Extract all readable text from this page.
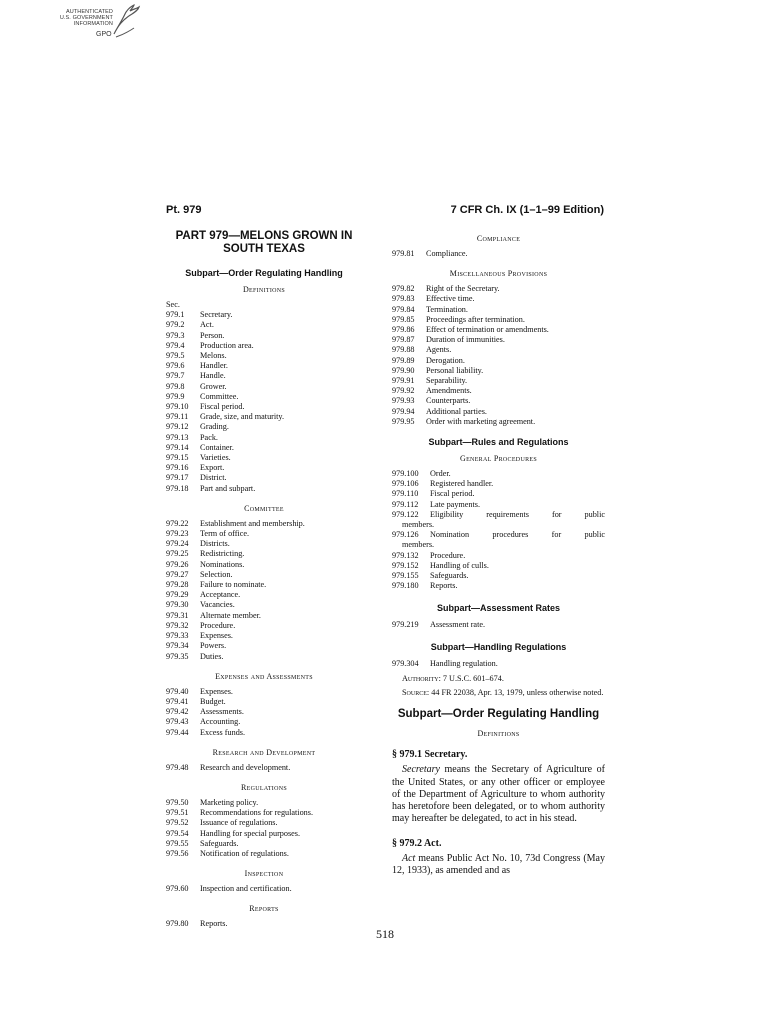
AUTHENTICATED
U.S. GOVERNMENT
INFORMATION
GPO
Pt. 979	7 CFR Ch. IX (1–1–99 Edition)
PART 979—MELONS GROWN IN SOUTH TEXAS
Subpart—Order Regulating Handling
Definitions
Sec.
979.1	Secretary.
979.2	Act.
979.3	Person.
979.4	Production area.
979.5	Melons.
979.6	Handler.
979.7	Handle.
979.8	Grower.
979.9	Committee.
979.10	Fiscal period.
979.11	Grade, size, and maturity.
979.12	Grading.
979.13	Pack.
979.14	Container.
979.15	Varieties.
979.16	Export.
979.17	District.
979.18	Part and subpart.
Committee
979.22	Establishment and membership.
979.23	Term of office.
979.24	Districts.
979.25	Redistricting.
979.26	Nominations.
979.27	Selection.
979.28	Failure to nominate.
979.29	Acceptance.
979.30	Vacancies.
979.31	Alternate member.
979.32	Procedure.
979.33	Expenses.
979.34	Powers.
979.35	Duties.
Expenses and Assessments
979.40	Expenses.
979.41	Budget.
979.42	Assessments.
979.43	Accounting.
979.44	Excess funds.
Research and Development
979.48	Research and development.
Regulations
979.50	Marketing policy.
979.51	Recommendations for regulations.
979.52	Issuance of regulations.
979.54	Handling for special purposes.
979.55	Safeguards.
979.56	Notification of regulations.
Inspection
979.60	Inspection and certification.
Reports
979.80	Reports.
Compliance
979.81	Compliance.
Miscellaneous Provisions
979.82	Right of the Secretary.
979.83	Effective time.
979.84	Termination.
979.85	Proceedings after termination.
979.86	Effect of termination or amendments.
979.87	Duration of immunities.
979.88	Agents.
979.89	Derogation.
979.90	Personal liability.
979.91	Separability.
979.92	Amendments.
979.93	Counterparts.
979.94	Additional parties.
979.95	Order with marketing agreement.
Subpart—Rules and Regulations
General Procedures
979.100	Order.
979.106	Registered handler.
979.110	Fiscal period.
979.112	Late payments.
979.122	Eligibility requirements for public
members.
979.126	Nomination procedures for public
members.
979.132	Procedure.
979.152	Handling of culls.
979.155	Safeguards.
979.180	Reports.
Subpart—Assessment Rates
979.219	Assessment rate.
Subpart—Handling Regulations
979.304	Handling regulation.

Authority: 7 U.S.C. 601–674.

Source: 44 FR 22038, Apr. 13, 1979, unless otherwise noted.

Subpart—Order Regulating Handling
Definitions
§ 979.1 Secretary.

Secretary means the Secretary of Agriculture of the United States, or any other officer or employee of the Department of Agriculture to whom authority has heretofore been delegated, or to whom authority may hereafter be delegated, to act in his stead.

§ 979.2 Act.

Act means Public Act No. 10, 73d Congress (May 12, 1933), as amended and as

518
